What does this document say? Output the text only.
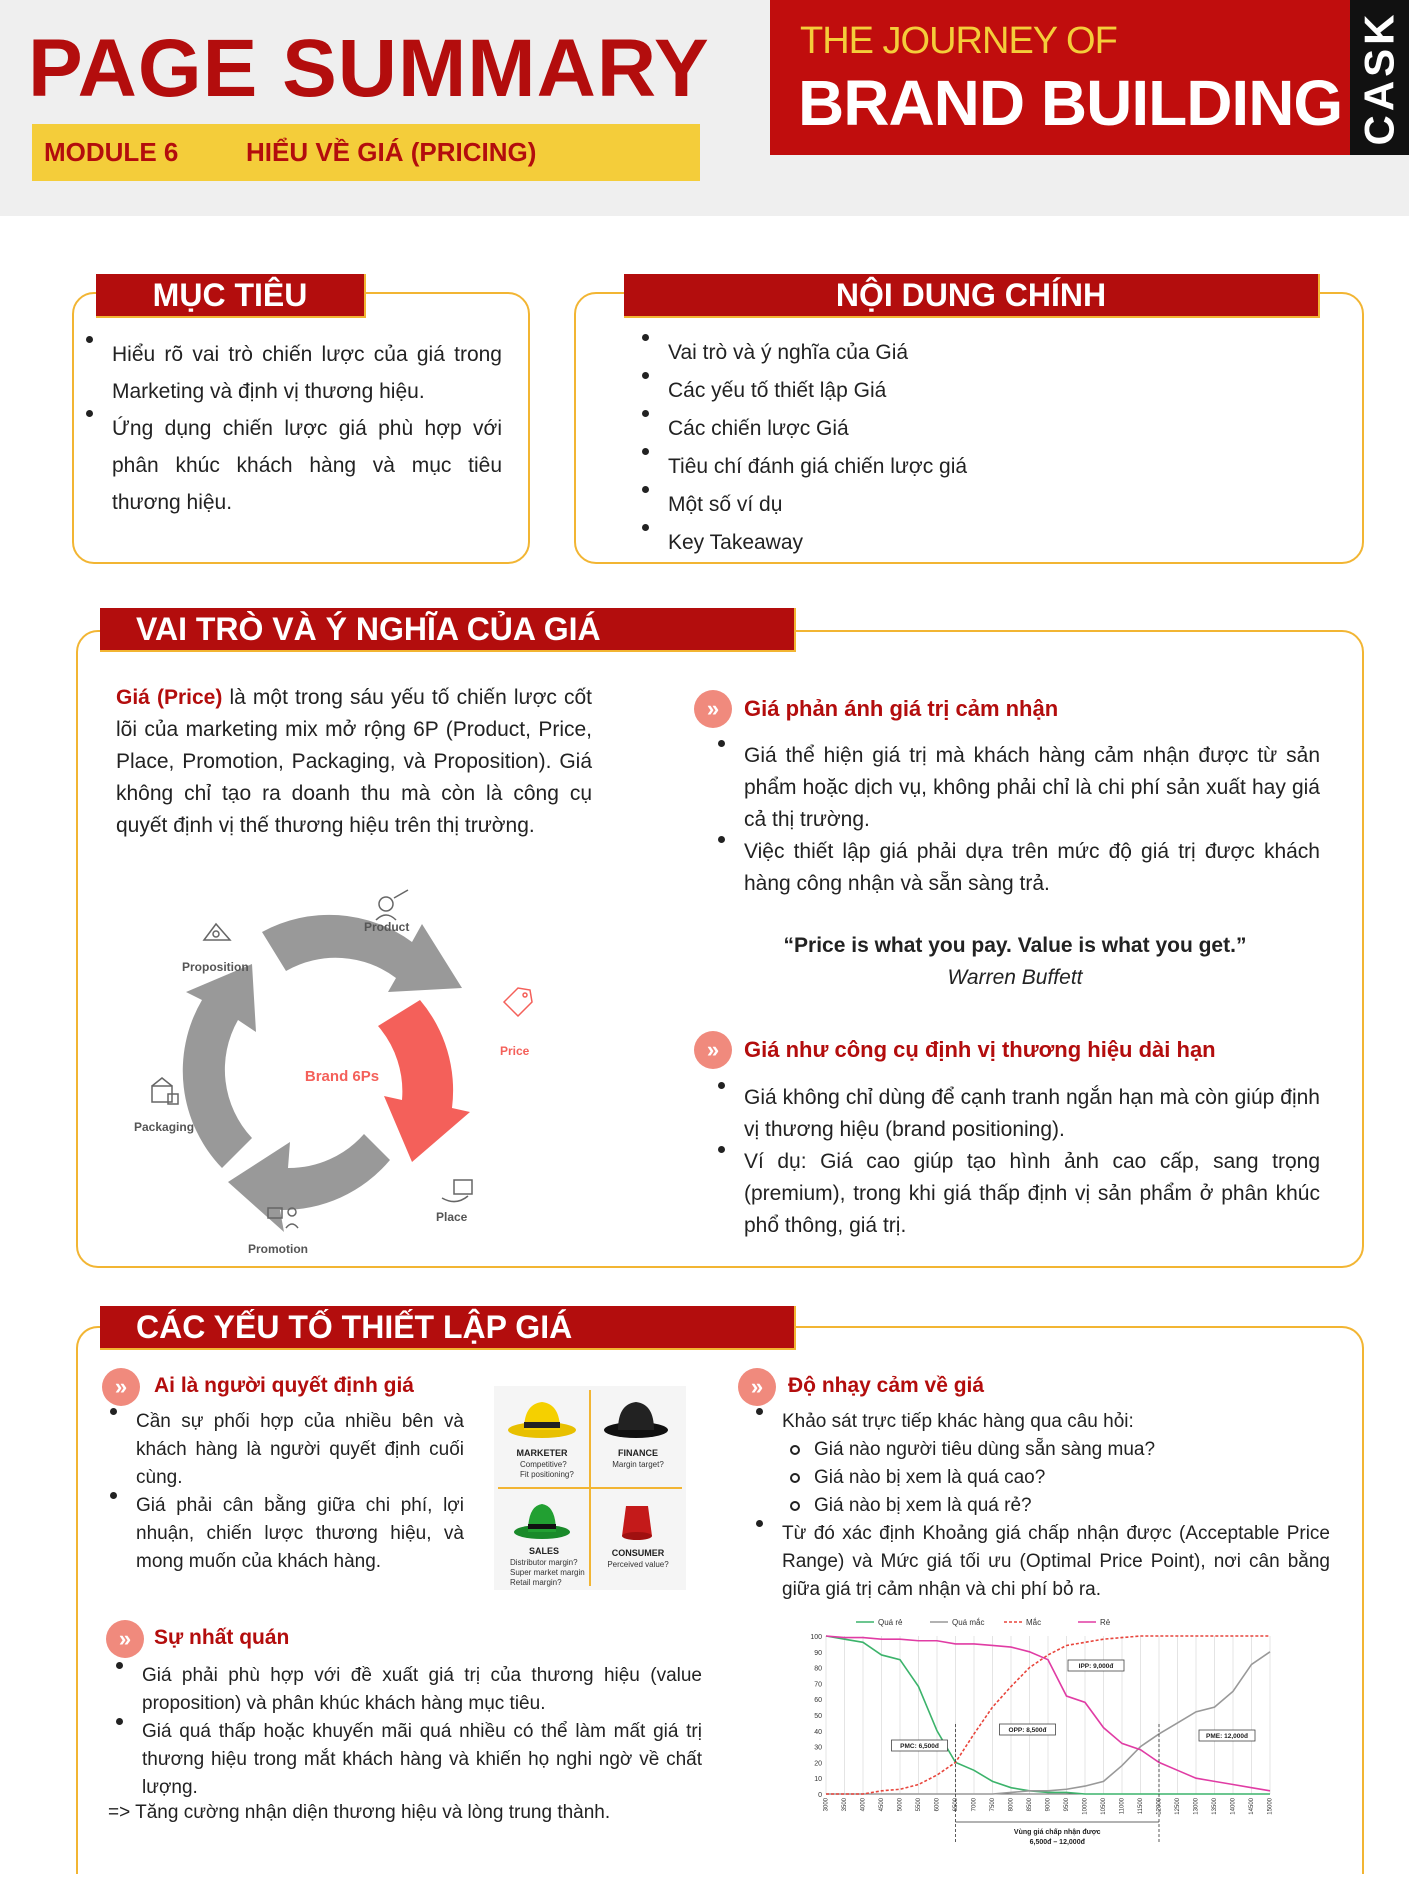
PAGE SUMMARY
MODULE 6	HIỂU VỀ GIÁ (PRICING)
THE JOURNEY OF
BRAND BUILDING CASK
MỤC TIÊU
Hiểu rõ vai trò chiến lược của giá trong Marketing và định vị thương hiệu.
Ứng dụng chiến lược giá phù hợp với phân khúc khách hàng và mục tiêu thương hiệu.
NỘI DUNG CHÍNH
Vai trò và ý nghĩa của Giá
Các yếu tố thiết lập Giá
Các chiến lược Giá
Tiêu chí đánh giá chiến lược giá
Một số ví dụ
Key Takeaway
VAI TRÒ VÀ Ý NGHĨA CỦA GIÁ

Giá (Price) là một trong sáu yếu tố chiến lược cốt lõi của marketing mix mở rộng 6P (Product, Price, Place, Promotion, Packaging, và Proposition). Giá không chỉ tạo ra doanh thu mà còn là công cụ quyết định vị thế thương hiệu trên thị trường.

Brand 6Ps
Product
Price
Place
Promotion
Packaging
Proposition
»	Giá phản ánh giá trị cảm nhận
Giá thể hiện giá trị mà khách hàng cảm nhận được từ sản phẩm hoặc dịch vụ, không phải chỉ là chi phí sản xuất hay giá cả thị trường.
Việc thiết lập giá phải dựa trên mức độ giá trị được khách hàng công nhận và sẵn sàng trả.
“Price is what you pay. Value is what you get.”
Warren Buffett
»	Giá như công cụ định vị thương hiệu dài hạn
Giá không chỉ dùng để cạnh tranh ngắn hạn mà còn giúp định vị thương hiệu (brand positioning).
Ví dụ: Giá cao giúp tạo hình ảnh cao cấp, sang trọng (premium), trong khi giá thấp định vị sản phẩm ở phân khúc phổ thông, giá trị.
CÁC YẾU TỐ THIẾT LẬP GIÁ
»	Ai là người quyết định giá
Cần sự phối hợp của nhiều bên và khách hàng là người quyết định cuối cùng.
Giá phải cân bằng giữa chi phí, lợi nhuận, chiến lược thương hiệu, và mong muốn của khách hàng.
MARKETER
Competitive?
Fit positioning?
FINANCE
Margin target?
SALES
Distributor margin?
Super market margin
Retail margin?
CONSUMER
Perceived value?
»	Sự nhất quán
Giá phải phù hợp với đề xuất giá trị của thương hiệu (value proposition) và phân khúc khách hàng mục tiêu.
Giá quá thấp hoặc khuyến mãi quá nhiều có thể làm mất giá trị thương hiệu trong mắt khách hàng và khiến họ nghi ngờ về chất lượng.
=> Tăng cường nhận diện thương hiệu và lòng trung thành.
»	Độ nhạy cảm về giá
Khảo sát trực tiếp khác hàng qua câu hỏi:
Giá nào người tiêu dùng sẵn sàng mua?
Giá nào bị xem là quá cao?
Giá nào bị xem là quá rẻ?
Từ đó xác định Khoảng giá chấp nhận được (Acceptable Price Range) và Mức giá tối ưu (Optimal Price Point), nơi cân bằng giữa giá trị cảm nhận và chi phí bỏ ra.
0
10
20
30
40
50
60
70
80
90
100
3000 3500 4000 4500 5000 5500 6000 6500 7000 7500 8000 8500 9000 9500 10000 10500 11000 11500 12000 12500 13000 13500 14000 14500 15000
Quá rẻ	Quá mắc	Mắc	Rẻ
PMC: 6,500đ
OPP: 8,500đ
IPP: 9,000đ
PME: 12,000đ
Vùng giá chấp nhận được
6,500đ – 12,000đ
